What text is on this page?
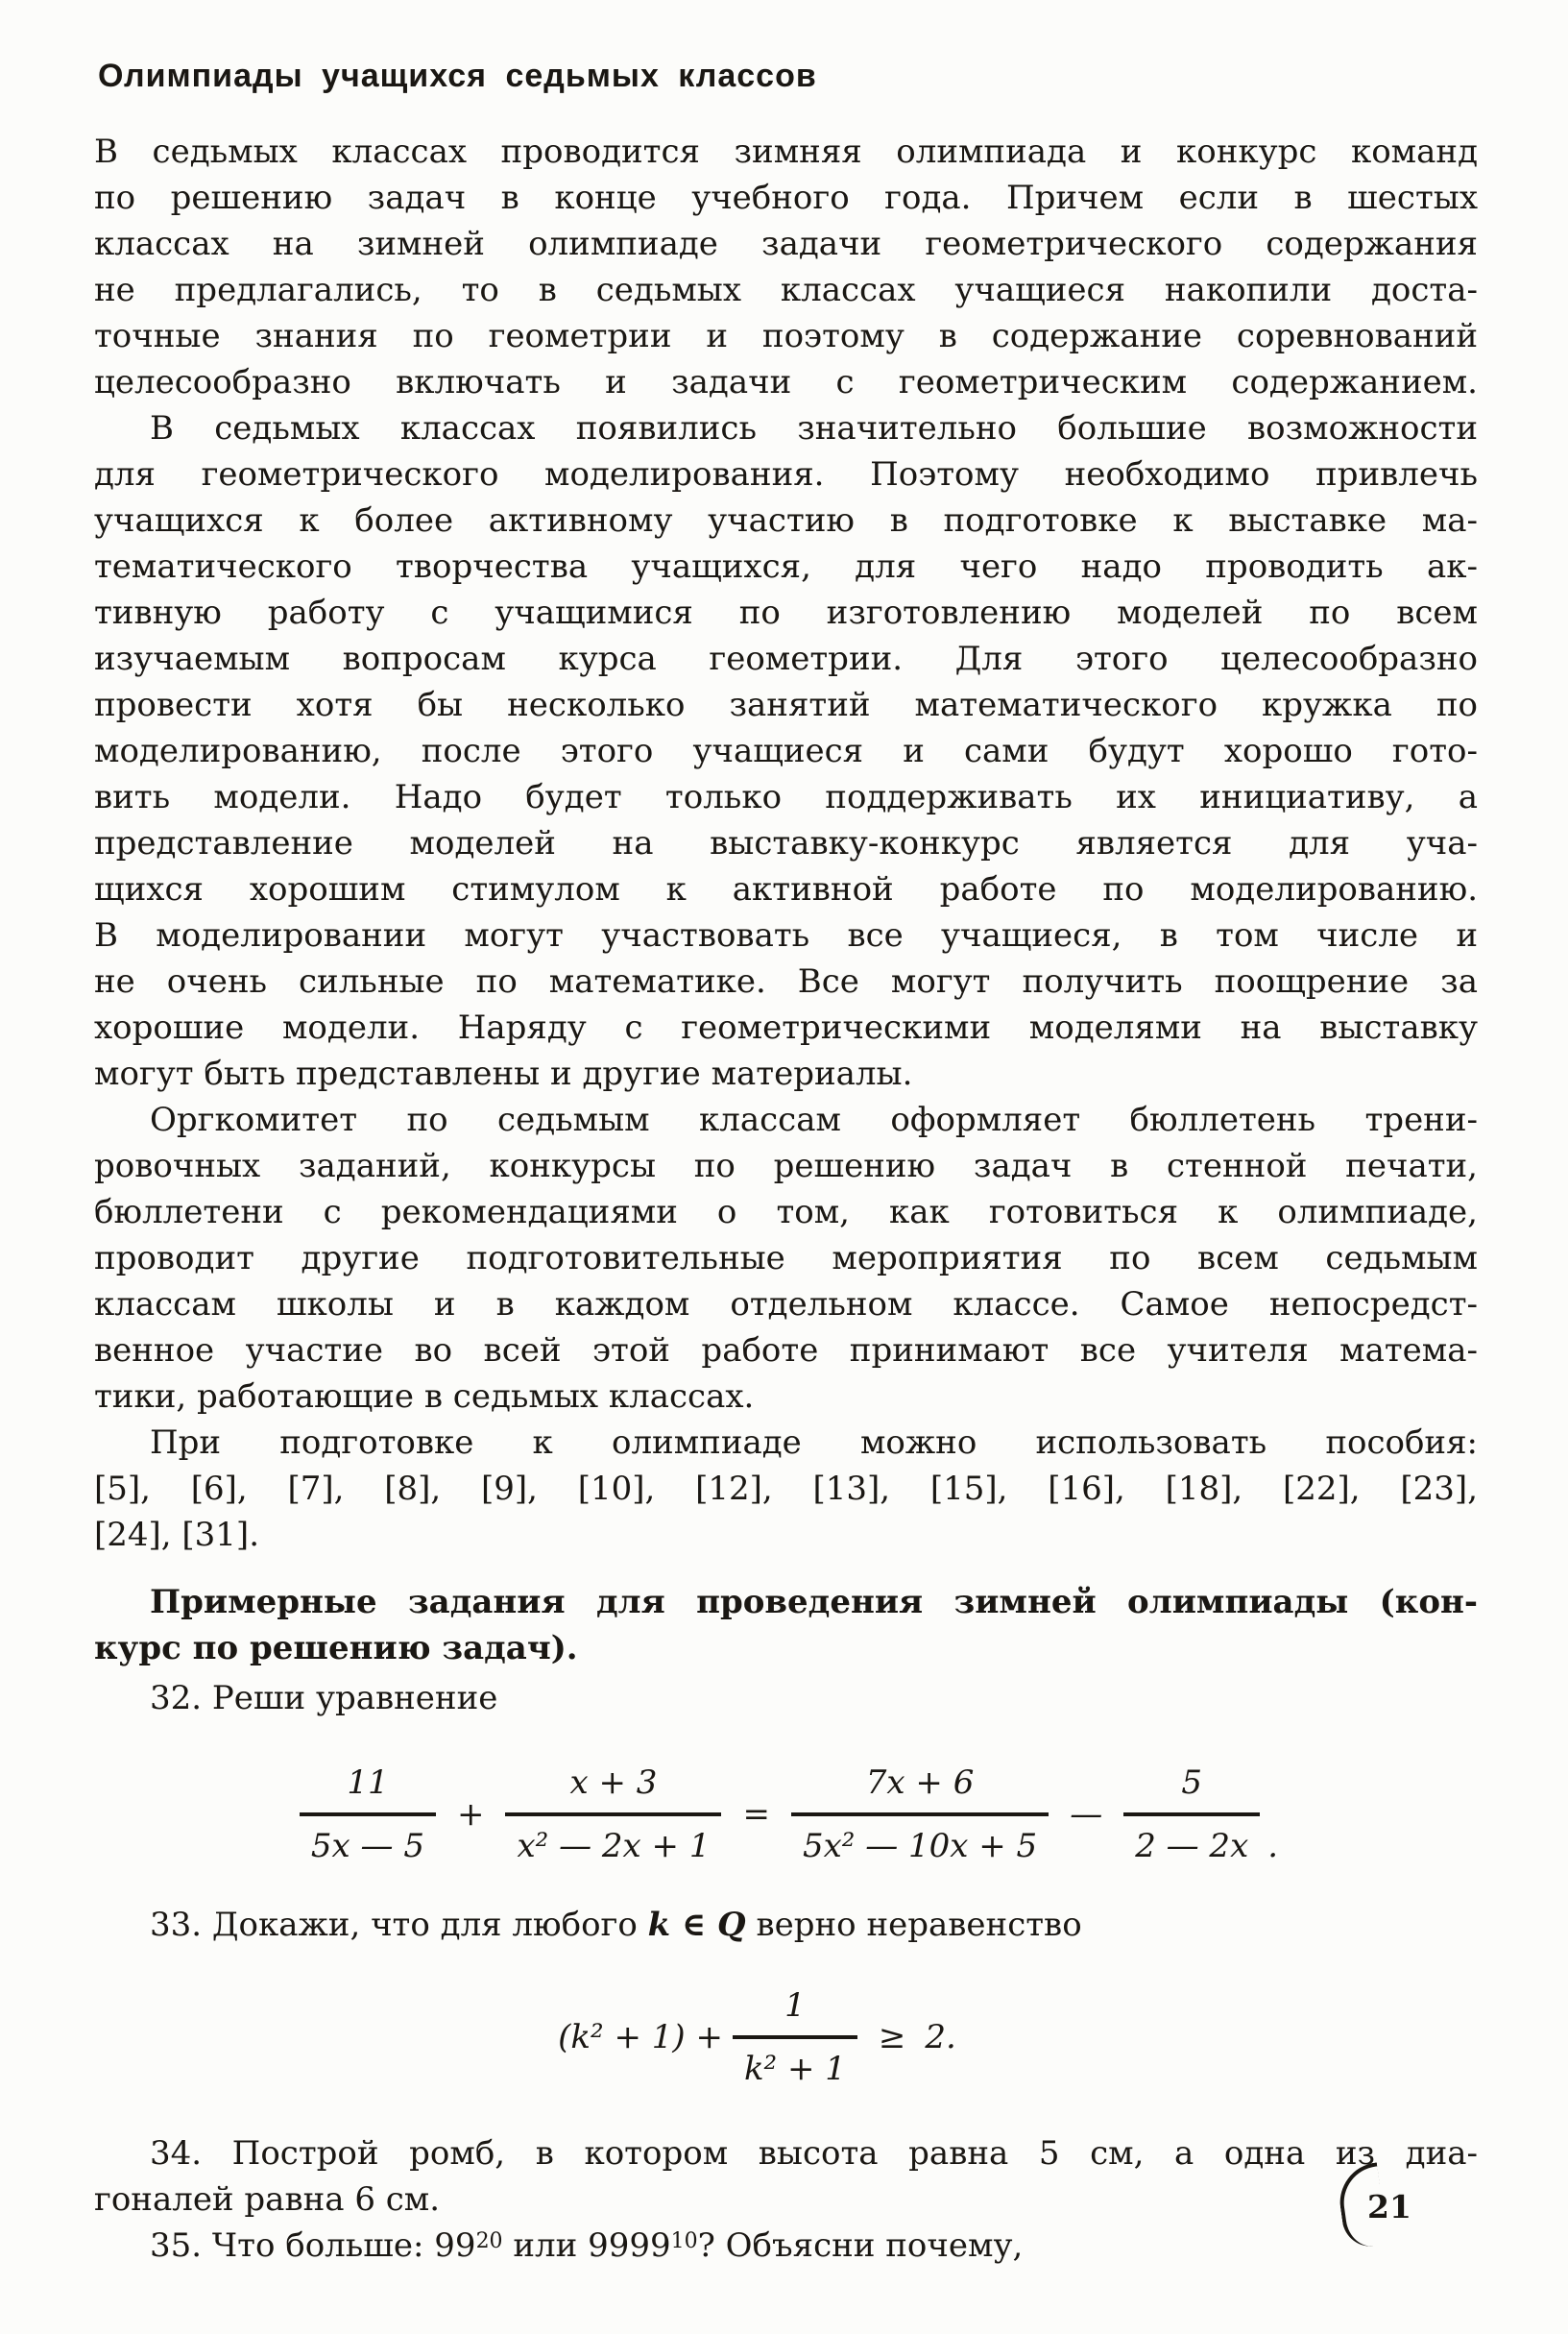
Олимпиады учащихся седьмых классов
В седьмых классах проводится зимняя олимпиада и конкурс команд
по решению задач в конце учебного года. Причем если в шестых
классах на зимней олимпиаде задачи геометрического содержания
не предлагались, то в седьмых классах учащиеся накопили доста-
точные знания по геометрии и поэтому в содержание соревнований
целесообразно включать и задачи с геометрическим содержанием.
В седьмых классах появились значительно большие возможности
для геометрического моделирования. Поэтому необходимо привлечь
учащихся к более активному участию в подготовке к выставке ма-
тематического творчества учащихся, для чего надо проводить ак-
тивную работу с учащимися по изготовлению моделей по всем
изучаемым вопросам курса геометрии. Для этого целесообразно
провести хотя бы несколько занятий математического кружка по
моделированию, после этого учащиеся и сами будут хорошо гото-
вить модели. Надо будет только поддерживать их инициативу, а
представление моделей на выставку-конкурс является для уча-
щихся хорошим стимулом к активной работе по моделированию.
В моделировании могут участвовать все учащиеся, в том числе и
не очень сильные по математике. Все могут получить поощрение за
хорошие модели. Наряду с геометрическими моделями на выставку
могут быть представлены и другие материалы.
Оргкомитет по седьмым классам оформляет бюллетень трени-
ровочных заданий, конкурсы по решению задач в стенной печати,
бюллетени с рекомендациями о том, как готовиться к олимпиаде,
проводит другие подготовительные мероприятия по всем седьмым
классам школы и в каждом отдельном классе. Самое непосредст-
венное участие во всей этой работе принимают все учителя матема-
тики, работающие в седьмых классах.
При подготовке к олимпиаде можно использовать пособия:
[5], [6], [7], [8], [9], [10], [12], [13], [15], [16], [18], [22], [23],
[24], [31].
Примерные задания для проведения зимней олимпиады (кон-
курс по решению задач).
32. Реши уравнение
$\frac{11}{5x — 5} + \frac{x + 3}{\text{x² — 2x + 1}} = \frac{7x + 6}{\text{5x² — 10x + 5}}$ — $\frac{5}{2 — 2x}$ .
33. Докажи, что для любого k ∈ Q верно неравенство
$(k^2 + 1) + \frac{1}{\text{k² + 1}} \ge 2$.
34. Построй ромб, в котором высота равна 5 см, а одна из диа-
гоналей равна 6 см.
35. Что больше: $99^{20}$ или 9999$^{10}$? Объясни почему,
21
